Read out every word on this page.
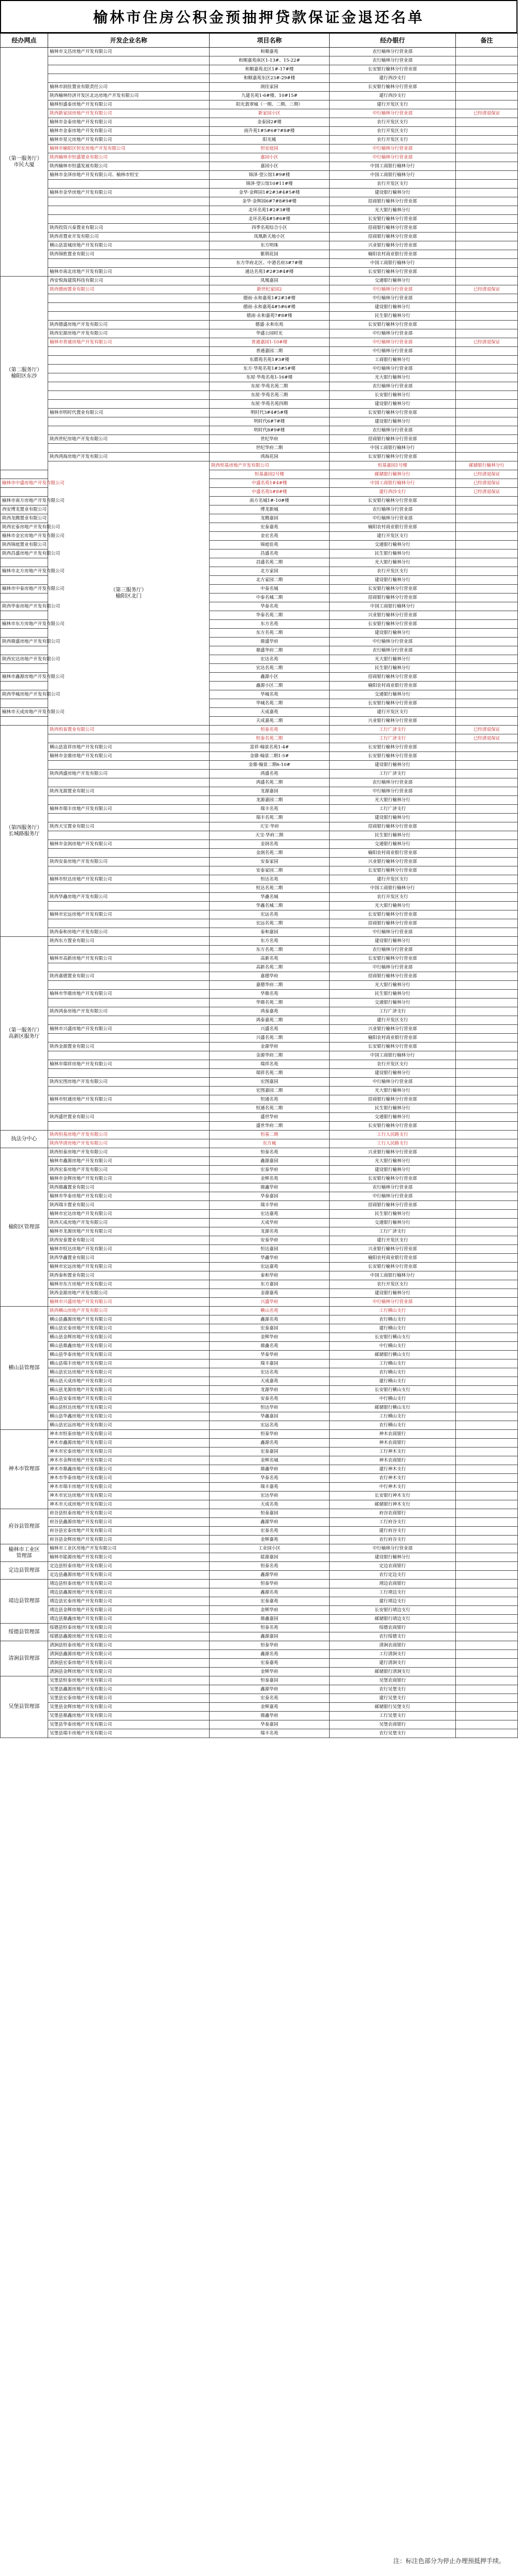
榆林市住房公积金预抽押贷款保证金退还名单
经办网点	开发企业名称	项目名称	经办银行	备注	
（第一服务厅）
市民大厦	榆林市文昌房地产开发有限公司	和顺嘉苑	农行榆林分行营业部		
		和顺嘉苑南区1-13#、15-22#	农行榆林分行营业部		
		和顺嘉苑北区1#-17#楼	长安银行榆林分行营业部		
		和顺嘉苑东区23#-29#楼	建行西沙支行		
	榆林市润佳置业有限责任公司	润佳家园	长安银行榆林分行营业部		
	陕西榆林经济开发区北达房地产开发有限公司	九建名苑1-6#楼、10#15#	建行西沙支行		
	榆林恒盛泰房地产开发有限公司	阳光翡翠城（一期、二期、三期）	建行开发区支行		
	陕西新家园房地产开发有限公司	新家园小区	中行榆林分行营业部	已经清退保证	
	榆林市金泰房地产开发有限公司	金泰园2#楼	农行开发区支行		
	榆林市金泰房地产开发有限公司	雨升苑1#5#6#7#8#楼	农行开发区支行		
	榆林市星元房地产开发有限公司	阳光城	农行开发区支行		
	榆林市榆阳区恒安房地产开发有限公司	恒安庭园	中行榆林分行营业部		
	陕西榆林市恒盛置业有限公司	嘉园小区	中行榆林分行营业部		
	陕西榆林市恒盛发展有限公司	嘉园小区	中国工商银行榆林分行		
	榆林市金泽房地产开发有限公司、榆林市恒宝	锦泽·望公馆1#9#楼	中国工商银行榆林分行		
		锦泽·望公馆10#11#楼	农行开发区支行		
	榆林市金华房地产开发有限公司	金华·金辉园1#2#3#4#5#楼	建设银行榆林分行		
		金华·金辉园6#7#8#9#楼	招商银行榆林分行营业部		
		北环名苑1#2#3#楼	光大银行榆林分行		
		北环名苑4#5#6#楼	长安银行榆林分行营业部		
	陕西投资兴泰置业有限公司	四季名苑综合小区	招商银行榆林分行营业部		
	陕西省置业开发有限公司	凤凰新天地小区	招商银行榆林分行营业部		
	横山县富城房地产开发有限公司	东方明珠	兴业银行榆林分行营业部		
	陕西锦胜置业有限公司	紫荆花园	榆阳农村商业银行营业部		
		东方华府北区、中港名府3#7#楼	中国工商银行榆林分行		
	榆林市南北房地产开发有限公司	通达名苑1#2#3#4#楼	长安银行榆林分行营业部		
（第二服务厅）
榆阳区东沙	西安悦海建筑科技有限公司	凤凰嘉园	交通银行榆林分行		
	陕西德雨置业有限公司	新世纪家园2	中行榆林分行营业部	已经清退保证	
		德雨·永和嘉苑1#2#3#楼	中行榆林分行营业部		
		德雨·永和嘉苑4#5#6#楼	建设银行榆林分行		
		德雨·永和嘉苑7#8#楼	民生银行榆林分行		
	陕西德盛房地产开发有限公司	德盛·永和东苑	长安银行榆林分行营业部		
	陕西宏源房地产开发有限公司	华盛公园时光	中行榆林分行营业部		
	榆林市普通房地产开发有限公司	普通嘉园1-10#楼	中行榆林分行营业部	已经清退保证	
		普通嘉园二期	中行榆林分行营业部		
		东郡苑名苑1#3#楼	工商银行榆林分行		
		东方·华苑名苑1#3#5#楼	中行榆林分行营业部		
		东屋·华苑名苑1-16#楼	光大银行榆林分行		
		东屋·华苑名苑二期	农行榆林分行营业部		
		东屋·华苑名苑三期	长安银行榆林分行		
		东屋·华苑名苑四期	建设银行榆林分行		
	榆林市明时代置业有限公司	明时代3#4#5#楼	长安银行榆林分行营业部		
		明时代6#7#楼	建设银行榆林分行		
		明时代8#9#楼	农行榆林分行营业部		
	陕西世纪房地产开发有限公司	世纪华府	招商银行榆林分行营业部		
		世纪华府二期	中国工商银行榆林分行		
	陕西鸿海房地产开发有限公司	鸿海花园	长安银行榆林分行营业部		
	（第三服务厅）
榆阳区北门	陕西恒基房地产开发有限公司	恒基嘉园1号楼	邮储银行榆林分行	
		恒基嘉园2号楼	邮储银行榆林分行	已经清退保证	
榆林市中盛房地产开发有限公司		中盛名苑1#4#楼	中国工商银行榆林分行	已经清退保证	
		中盛名苑5#8#楼	建行西沙支行	已经清退保证	
榆林市南方房地产开发有限公司		南方名城1#-10#楼	长安银行榆林分行营业部		
西安博龙置业有限公司		博龙新城	农行榆林分行营业部		
陕西龙腾置业有限公司		龙腾嘉园	中行榆林分行营业部		
陕西宏泰房地产开发有限公司		宏泰嘉苑	榆阳农村商业银行营业部		
榆林市金宏房地产开发有限公司		金宏名苑	建行开发区支行		
陕西锦庭置业有限公司		锦庭佳苑	交通银行榆林分行		
陕西昌盛房地产开发有限公司		昌盛名苑	民生银行榆林分行		
		昌盛名苑二期	光大银行榆林分行		
榆林市北方房地产开发有限公司		北方家园	农行开发区支行		
		北方家园二期	建设银行榆林分行		
榆林市中泰房地产开发有限公司		中泰名城	长安银行榆林分行营业部		
		中泰名城二期	招商银行榆林分行营业部		
陕西华泰房地产开发有限公司		华泰名苑	中国工商银行榆林分行		
		华泰名苑二期	兴业银行榆林分行营业部		
榆林市东方房地产开发有限公司		东方名苑	长安银行榆林分行营业部		
		东方名苑二期	建设银行榆林分行		
陕西鼎盛房地产开发有限公司		鼎盛华府	中行榆林分行营业部		
		鼎盛华府二期	农行榆林分行营业部		
陕西宏达房地产开发有限公司		宏达名苑	光大银行榆林分行		
		宏达名苑二期	民生银行榆林分行		
榆林市鑫源房地产开发有限公司		鑫源小区	招商银行榆林分行营业部		
		鑫源小区二期	榆阳农村商业银行营业部		
陕西华城房地产开发有限公司		华城名苑	交通银行榆林分行		
		华城名苑二期	长安银行榆林分行营业部		
榆林市天成房地产开发有限公司		天成嘉苑	建行开发区支行		
		天成嘉苑二期	兴业银行榆林分行营业部		
（第四服务厅）
长城路服务厅	陕西恒泰置业有限公司	恒泰名苑	工行广济支行	已经清退保证	
		恒泰名苑二期	工行广济支行	已经清退保证	
	横山县富祥房地产开发有限公司	富祥·翰景名苑1-4#	长安银行榆林分行营业部		
	榆林市金鼎房地产开发有限公司	金鼎·翰景二期1-5#	长安银行榆林分行营业部		
		金鼎·翰景二期6-10#	建设银行榆林分行		
	陕西鸿盛房地产开发有限公司	鸿盛名苑	工行广济支行		
		鸿盛名苑二期	农行榆林分行营业部		
	陕西龙源置业有限公司	龙源嘉园	中行榆林分行营业部		
		龙源嘉园二期	光大银行榆林分行		
	榆林市瑞丰房地产开发有限公司	瑞丰名苑	工行广济支行		
		瑞丰名苑二期	建设银行榆林分行		
	陕西天宝置业有限公司	天宝·华府	招商银行榆林分行营业部		
		天宝·华府二期	民生银行榆林分行		
	榆林市金润房地产开发有限公司	金润名苑	交通银行榆林分行		
		金润名苑二期	榆阳农村商业银行营业部		
	陕西安泰房地产开发有限公司	安泰家园	兴业银行榆林分行营业部		
		安泰家园二期	长安银行榆林分行营业部		
	榆林市恒达房地产开发有限公司	恒达名苑	建行开发区支行		
		恒达名苑二期	中国工商银行榆林分行		
	陕西华鑫房地产开发有限公司	华鑫名城	农行开发区支行		
		华鑫名城二期	光大银行榆林分行		
	榆林市宏远房地产开发有限公司	宏远名苑	长安银行榆林分行营业部		
		宏远名苑二期	招商银行榆林分行营业部		
	陕西泰和房地产开发有限公司	泰和嘉园	中行榆林分行营业部		
（第一服务厅）
高新区服务厅	陕西东方置业有限公司	东方名苑	建设银行榆林分行		
		东方名苑二期	农行榆林分行营业部		
	榆林市高新房地产开发有限公司	高新名苑	长安银行榆林分行营业部		
		高新名苑二期	中行榆林分行营业部		
	陕西嘉德置业有限公司	嘉德华府	招商银行榆林分行营业部		
		嘉德华府二期	光大银行榆林分行		
	榆林市华鼎房地产开发有限公司	华鼎名苑	民生银行榆林分行		
		华鼎名苑二期	交通银行榆林分行		
	陕西鸿泰房地产开发有限公司	鸿泰嘉苑	工行广济支行		
		鸿泰嘉苑二期	建行开发区支行		
	榆林市兴盛房地产开发有限公司	兴盛名苑	兴业银行榆林分行营业部		
		兴盛名苑二期	榆阳农村商业银行营业部		
	陕西金源置业有限公司	金源华府	长安银行榆林分行营业部		
		金源华府二期	中国工商银行榆林分行		
	榆林市瑞祥房地产开发有限公司	瑞祥名苑	农行开发区支行		
		瑞祥名苑二期	建设银行榆林分行		
	陕西宏图房地产开发有限公司	宏图嘉园	中行榆林分行营业部		
		宏图嘉园二期	光大银行榆林分行		
	榆林市恒通房地产开发有限公司	恒通名苑	招商银行榆林分行营业部		
		恒通名苑二期	民生银行榆林分行		
	陕西盛世置业有限公司	盛世华府	交通银行榆林分行		
		盛世华府二期	长安银行榆林分行营业部		
执法分中心	陕西恒基房地产开发有限公司	恒基二期	工行人民路支行		
	陕西华清房地产开发有限公司	东方城	工行人民路支行		
榆阳区管理部	陕西恒泰房地产开发有限公司	恒泰名苑	兴业银行榆林分行营业部		
	榆林市鑫源房地产开发有限公司	鑫源嘉园	光大银行榆林分行		
	陕西宏泰房地产开发有限公司	宏泰华府	建设银行榆林分行		
	榆林市金辉房地产开发有限公司	金辉名苑	长安银行榆林分行营业部		
	陕西鼎鑫置业有限公司	鼎鑫华府	农行榆林分行营业部		
	榆林市华泰房地产开发有限公司	华泰嘉园	中行榆林分行营业部		
	陕西瑞丰置业有限公司	瑞丰华府	招商银行榆林分行营业部		
	榆林市宏达房地产开发有限公司	宏达嘉苑	民生银行榆林分行		
	陕西天成房地产开发有限公司	天成华府	交通银行榆林分行		
	榆林市龙源房地产开发有限公司	龙源名苑	工行广济支行		
	陕西安泰置业有限公司	安泰华府	建行开发区支行		
	榆林市恒达房地产开发有限公司	恒达嘉园	兴业银行榆林分行营业部		
	陕西华鑫置业有限公司	华鑫华府	榆阳农村商业银行营业部		
	榆林市宏远房地产开发有限公司	宏远嘉苑	长安银行榆林分行营业部		
	陕西泰和置业有限公司	泰和华府	中国工商银行榆林分行		
	榆林市东方房地产开发有限公司	东方嘉园	农行开发区支行		
	陕西金源房地产开发有限公司	金源嘉苑	建设银行榆林分行		
	榆林市兴盛房地产开发有限公司	兴盛华府	中行榆林分行营业部		
横山县管理部	陕西横山房地产开发有限公司	横山名苑	工行横山支行		
	横山县鑫源房地产开发有限公司	鑫源名苑	农行横山支行		
	横山县宏泰房地产开发有限公司	宏泰嘉园	建行横山支行		
	横山县金辉房地产开发有限公司	金辉华府	长安银行横山支行		
	横山县鼎鑫房地产开发有限公司	鼎鑫名苑	中行横山支行		
	横山县华泰房地产开发有限公司	华泰华府	邮储银行横山支行		
	横山县瑞丰房地产开发有限公司	瑞丰嘉园	工行横山支行		
	横山县宏达房地产开发有限公司	宏达名苑	农行横山支行		
	横山县天成房地产开发有限公司	天成嘉苑	建行横山支行		
	横山县龙源房地产开发有限公司	龙源华府	长安银行横山支行		
	横山县安泰房地产开发有限公司	安泰名苑	中行横山支行		
	横山县恒达房地产开发有限公司	恒达华府	邮储银行横山支行		
	横山县华鑫房地产开发有限公司	华鑫嘉园	工行横山支行		
	横山县宏远房地产开发有限公司	宏远名苑	农行横山支行		
神木市管理部	神木市恒泰房地产开发有限公司	恒泰华府	神木农商银行		
	神木市鑫源房地产开发有限公司	鑫源名苑	神木农商银行		
	神木市宏泰房地产开发有限公司	宏泰嘉园	工行神木支行		
	神木市金辉房地产开发有限公司	金辉名城	神木农商银行		
	神木市鼎鑫房地产开发有限公司	鼎鑫华府	建行神木支行		
	神木市华泰房地产开发有限公司	华泰名苑	农行神木支行		
	神木市瑞丰房地产开发有限公司	瑞丰嘉苑	中行神木支行		
	神木市宏达房地产开发有限公司	宏达华府	长安银行神木支行		
	神木市天成房地产开发有限公司	天成名苑	邮储银行神木支行		
府谷县管理部	府谷县恒泰房地产开发有限公司	恒泰嘉园	府谷农商银行		
	府谷县鑫源房地产开发有限公司	鑫源华府	工行府谷支行		
	府谷县宏泰房地产开发有限公司	宏泰名苑	建行府谷支行		
	府谷县金辉房地产开发有限公司	金辉嘉苑	农行府谷支行		
榆林市工业区
管理部	榆林市工业区房地产开发有限公司	工业园小区	中行榆林分行营业部		
	榆林市能源房地产开发有限公司	能源嘉园	建设银行榆林分行		
定边县管理部	定边县恒泰房地产开发有限公司	恒泰名苑	定边农商银行		
	定边县鑫源房地产开发有限公司	鑫源华府	农行定边支行		
靖边县管理部	靖边县恒泰房地产开发有限公司	恒泰华府	靖边农商银行		
	靖边县鑫源房地产开发有限公司	鑫源名苑	工行靖边支行		
	靖边县宏泰房地产开发有限公司	宏泰嘉苑	建行靖边支行		
	靖边县金辉房地产开发有限公司	金辉华府	长安银行靖边支行		
	靖边县鼎鑫房地产开发有限公司	鼎鑫嘉园	邮储银行靖边支行		
绥德县管理部	绥德县恒泰房地产开发有限公司	恒泰名苑	绥德农商银行		
	绥德县鑫源房地产开发有限公司	鑫源嘉园	农行绥德支行		
清涧县管理部	清涧县恒泰房地产开发有限公司	恒泰华府	清涧农商银行		
	清涧县鑫源房地产开发有限公司	鑫源名苑	工行清涧支行		
	清涧县宏泰房地产开发有限公司	宏泰嘉苑	建行清涧支行		
	清涧县金辉房地产开发有限公司	金辉华府	邮储银行清涧支行		
吴堡县管理部	吴堡县恒泰房地产开发有限公司	恒泰嘉园	吴堡农商银行		
	吴堡县鑫源房地产开发有限公司	鑫源华府	农行吴堡支行		
	吴堡县宏泰房地产开发有限公司	宏泰名苑	建行吴堡支行		
	吴堡县金辉房地产开发有限公司	金辉嘉苑	邮储银行吴堡支行		
	吴堡县鼎鑫房地产开发有限公司	鼎鑫华府	工行吴堡支行		
	吴堡县华泰房地产开发有限公司	华泰嘉园	吴堡农商银行		
	吴堡县瑞丰房地产开发有限公司	瑞丰名苑	农行吴堡支行		
注：标注色部分为停止办理预抵押手续。
